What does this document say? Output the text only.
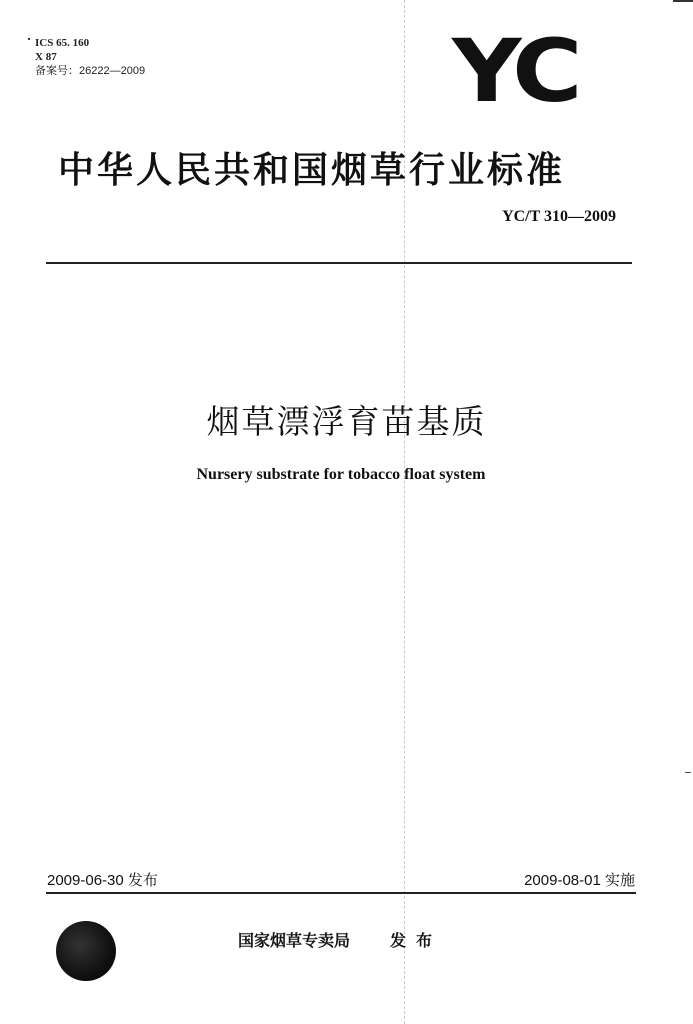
ICS 65. 160
X 87
备案号：26222—2009	YC
中华人民共和国烟草行业标准
YC/T 310—2009
烟草漂浮育苗基质
Nursery substrate for tobacco float system
2009-06-30 发布	2009-08-01 实施
国家烟草专卖局	发布
